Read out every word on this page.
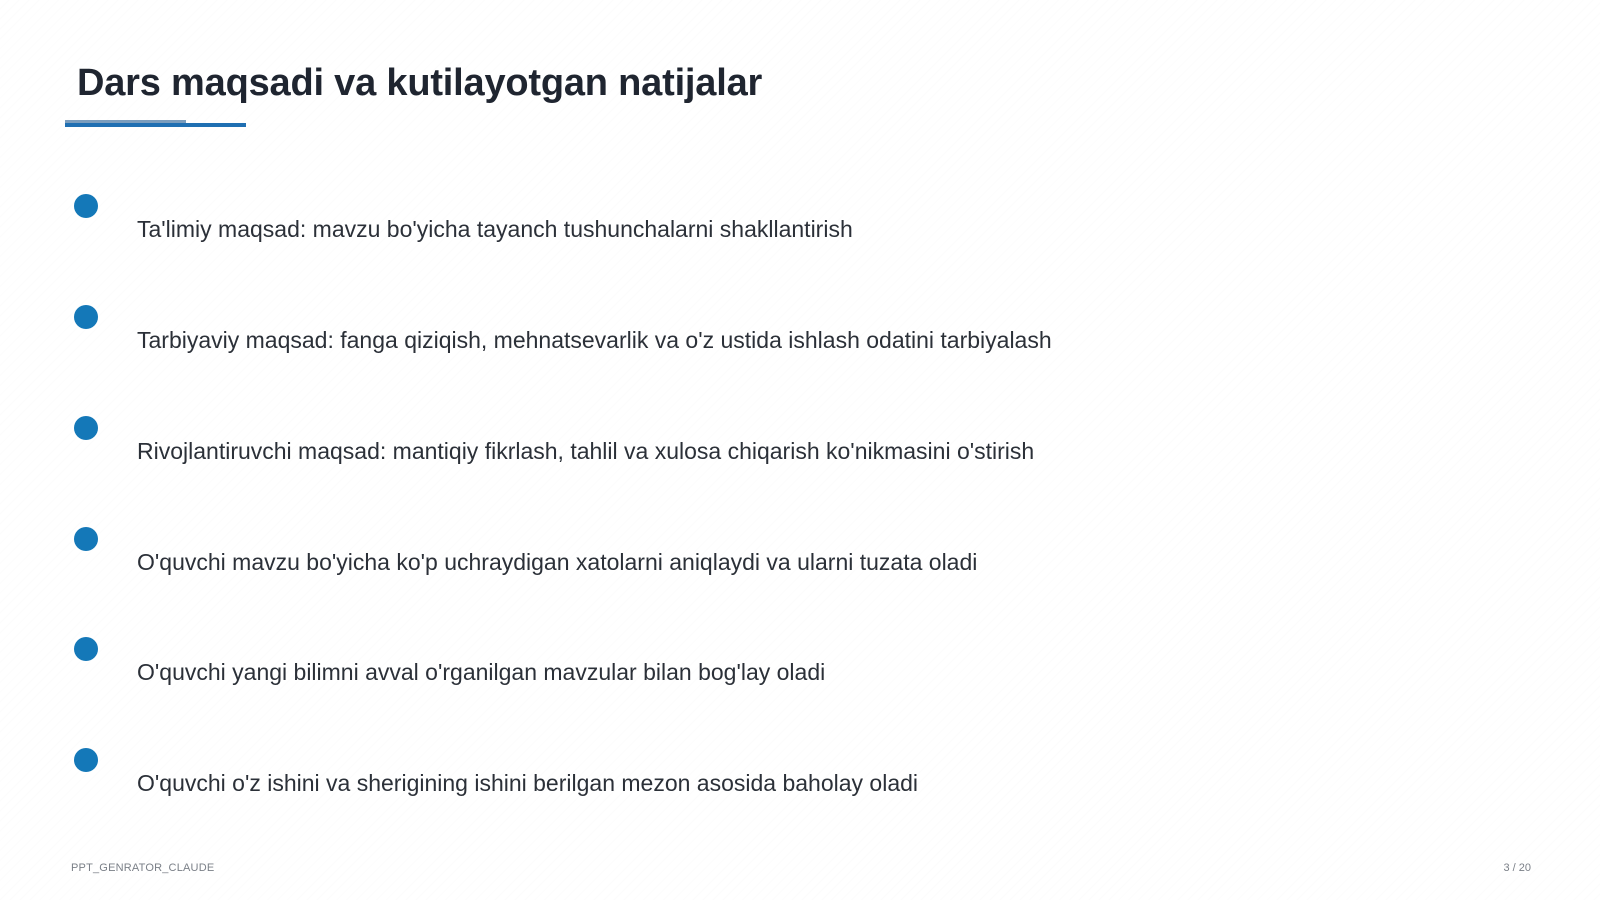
Dars maqsadi va kutilayotgan natijalar
Ta'limiy maqsad: mavzu bo'yicha tayanch tushunchalarni shakllantirish
Tarbiyaviy maqsad: fanga qiziqish, mehnatsevarlik va o'z ustida ishlash odatini tarbiyalash
Rivojlantiruvchi maqsad: mantiqiy fikrlash, tahlil va xulosa chiqarish ko'nikmasini o'stirish
O'quvchi mavzu bo'yicha ko'p uchraydigan xatolarni aniqlaydi va ularni tuzata oladi
O'quvchi yangi bilimni avval o'rganilgan mavzular bilan bog'lay oladi
O'quvchi o'z ishini va sherigining ishini berilgan mezon asosida baholay oladi
PPT_GENRATOR_CLAUDE	3 / 20
